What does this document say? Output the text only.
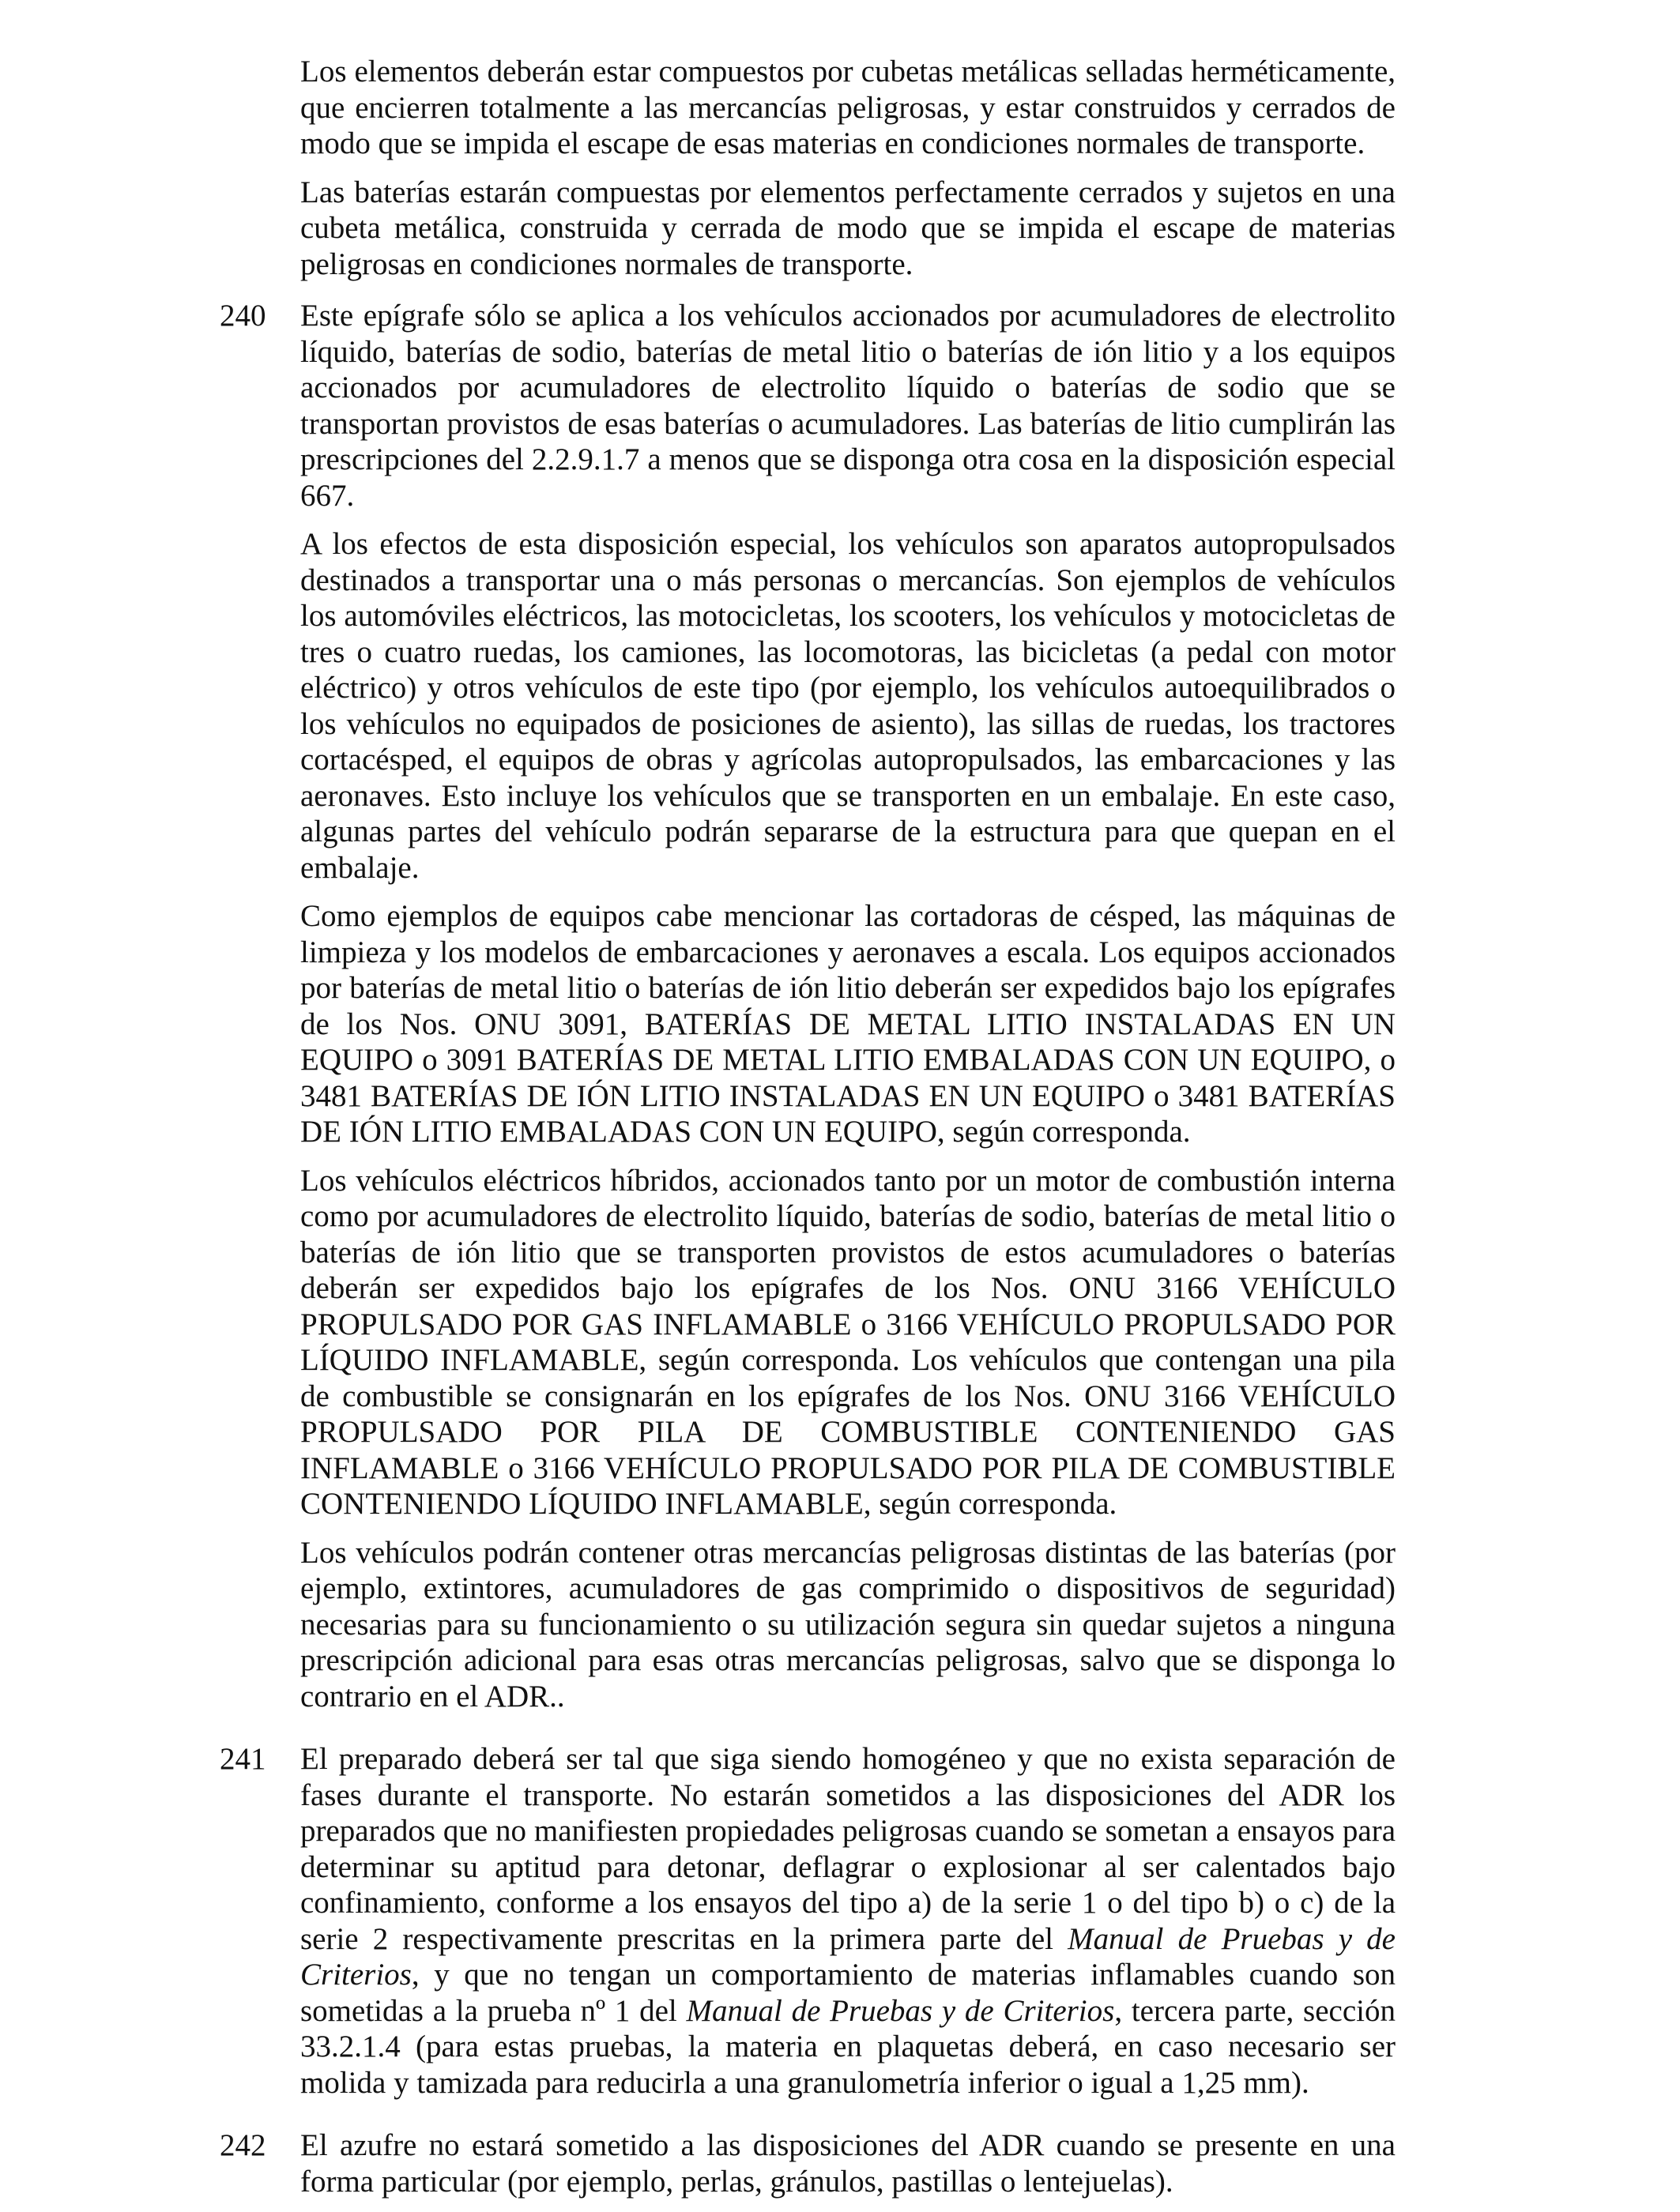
Los elementos deberán estar compuestos por cubetas metálicas selladas herméticamente, que encierren totalmente a las mercancías peligrosas, y estar construidos y cerrados de modo que se impida el escape de esas materias en condiciones normales de transporte.

Las baterías estarán compuestas por elementos perfectamente cerrados y sujetos en una cubeta metálica, construida y cerrada de modo que se impida el escape de materias peligrosas en condiciones normales de transporte.

240 Este epígrafe sólo se aplica a los vehículos accionados por acumuladores de electrolito líquido, baterías de sodio, baterías de metal litio o baterías de ión litio y a los equipos accionados por acumuladores de electrolito líquido o baterías de sodio que se transportan provistos de esas baterías o acumuladores. Las baterías de litio cumplirán las prescripciones del 2.2.9.1.7 a menos que se disponga otra cosa en la disposición especial 667.

A los efectos de esta disposición especial, los vehículos son aparatos autopropulsados destinados a transportar una o más personas o mercancías. Son ejemplos de vehículos los automóviles eléctricos, las motocicletas, los scooters, los vehículos y motocicletas de tres o cuatro ruedas, los camiones, las locomotoras, las bicicletas (a pedal con motor eléctrico) y otros vehículos de este tipo (por ejemplo, los vehículos autoequilibrados o los vehículos no equipados de posiciones de asiento), las sillas de ruedas, los tractores cortacésped, el equipos de obras y agrícolas autopropulsados, las embarcaciones y las aeronaves. Esto incluye los vehículos que se transporten en un embalaje. En este caso, algunas partes del vehículo podrán separarse de la estructura para que quepan en el embalaje.

Como ejemplos de equipos cabe mencionar las cortadoras de césped, las máquinas de limpieza y los modelos de embarcaciones y aeronaves a escala. Los equipos accionados por baterías de metal litio o baterías de ión litio deberán ser expedidos bajo los epígrafes de los Nos. ONU 3091, BATERÍAS DE METAL LITIO INSTALADAS EN UN EQUIPO o 3091 BATERÍAS DE METAL LITIO EMBALADAS CON UN EQUIPO, o 3481 BATERÍAS DE IÓN LITIO INSTALADAS EN UN EQUIPO o 3481 BATERÍAS DE IÓN LITIO EMBALADAS CON UN EQUIPO, según corresponda.

Los vehículos eléctricos híbridos, accionados tanto por un motor de combustión interna como por acumuladores de electrolito líquido, baterías de sodio, baterías de metal litio o baterías de ión litio que se transporten provistos de estos acumuladores o baterías deberán ser expedidos bajo los epígrafes de los Nos. ONU 3166 VEHÍCULO PROPULSADO POR GAS INFLAMABLE o 3166 VEHÍCULO PROPULSADO POR LÍQUIDO INFLAMABLE, según corresponda. Los vehículos que contengan una pila de combustible se consignarán en los epígrafes de los Nos. ONU 3166 VEHÍCULO PROPULSADO POR PILA DE COMBUSTIBLE CONTENIENDO GAS INFLAMABLE o 3166 VEHÍCULO PROPULSADO POR PILA DE COMBUSTIBLE CONTENIENDO LÍQUIDO INFLAMABLE, según corresponda.

Los vehículos podrán contener otras mercancías peligrosas distintas de las baterías (por ejemplo, extintores, acumuladores de gas comprimido o dispositivos de seguridad) necesarias para su funcionamiento o su utilización segura sin quedar sujetos a ninguna prescripción adicional para esas otras mercancías peligrosas, salvo que se disponga lo contrario en el ADR..

241 El preparado deberá ser tal que siga siendo homogéneo y que no exista separación de fases durante el transporte. No estarán sometidos a las disposiciones del ADR los preparados que no manifiesten propiedades peligrosas cuando se sometan a ensayos para determinar su aptitud para detonar, deflagrar o explosionar al ser calentados bajo confinamiento, conforme a los ensayos del tipo a) de la serie 1 o del tipo b) o c) de la serie 2 respectivamente prescritas en la primera parte del Manual de Pruebas y de Criterios, y que no tengan un comportamiento de materias inflamables cuando son sometidas a la prueba nº 1 del Manual de Pruebas y de Criterios, tercera parte, sección 33.2.1.4 (para estas pruebas, la materia en plaquetas deberá, en caso necesario ser molida y tamizada para reducirla a una granulometría inferior o igual a 1,25 mm).

242 El azufre no estará sometido a las disposiciones del ADR cuando se presente en una forma particular (por ejemplo, perlas, gránulos, pastillas o lentejuelas).
